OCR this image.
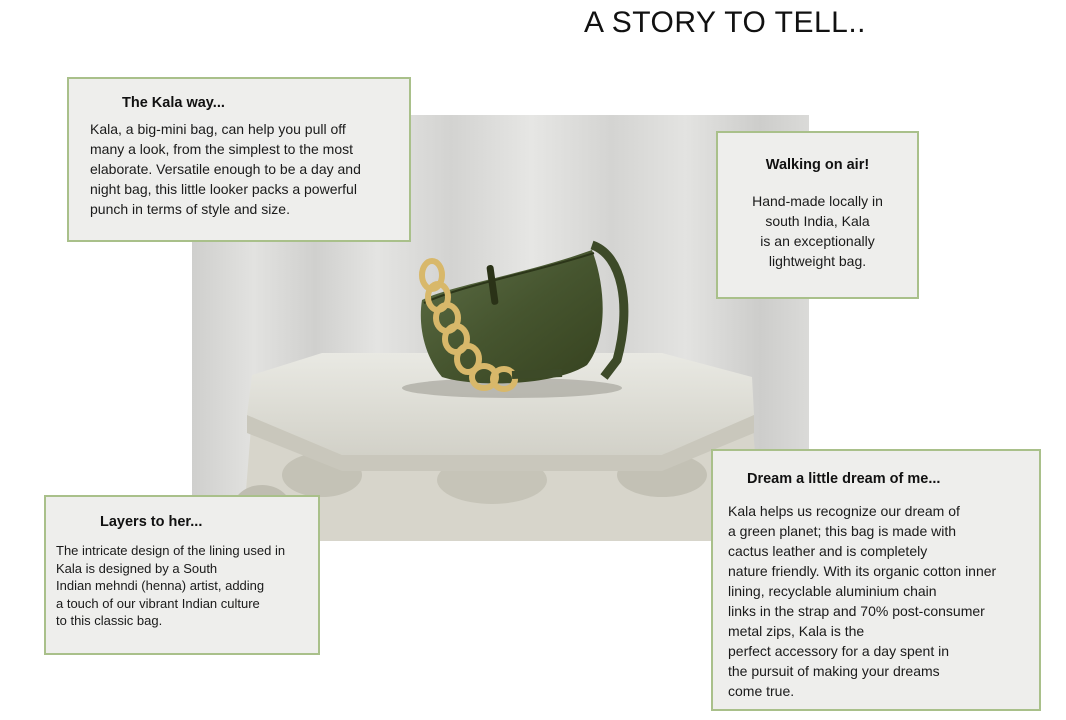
A STORY TO TELL..
The Kala way...

Kala, a big-mini bag, can help you pull off
many a look, from the simplest to the most
elaborate. Versatile enough to be a day and
night bag, this little looker packs a powerful
punch in terms of style and size.

Walking on air!

Hand-made locally in
south India, Kala
is an exceptionally
lightweight bag.

Layers to her...

The intricate design of the lining used in
Kala is designed by a South
Indian mehndi (henna) artist, adding
a touch of our vibrant Indian culture
to this classic bag.

Dream a little dream of me...

Kala helps us recognize our dream of
a green planet; this bag is made with
cactus leather and is completely
nature friendly. With its organic cotton inner
lining, recyclable aluminium chain
links in the strap and 70% post-consumer
metal zips, Kala is the
perfect accessory for a day spent in
the pursuit of making your dreams
come true.
